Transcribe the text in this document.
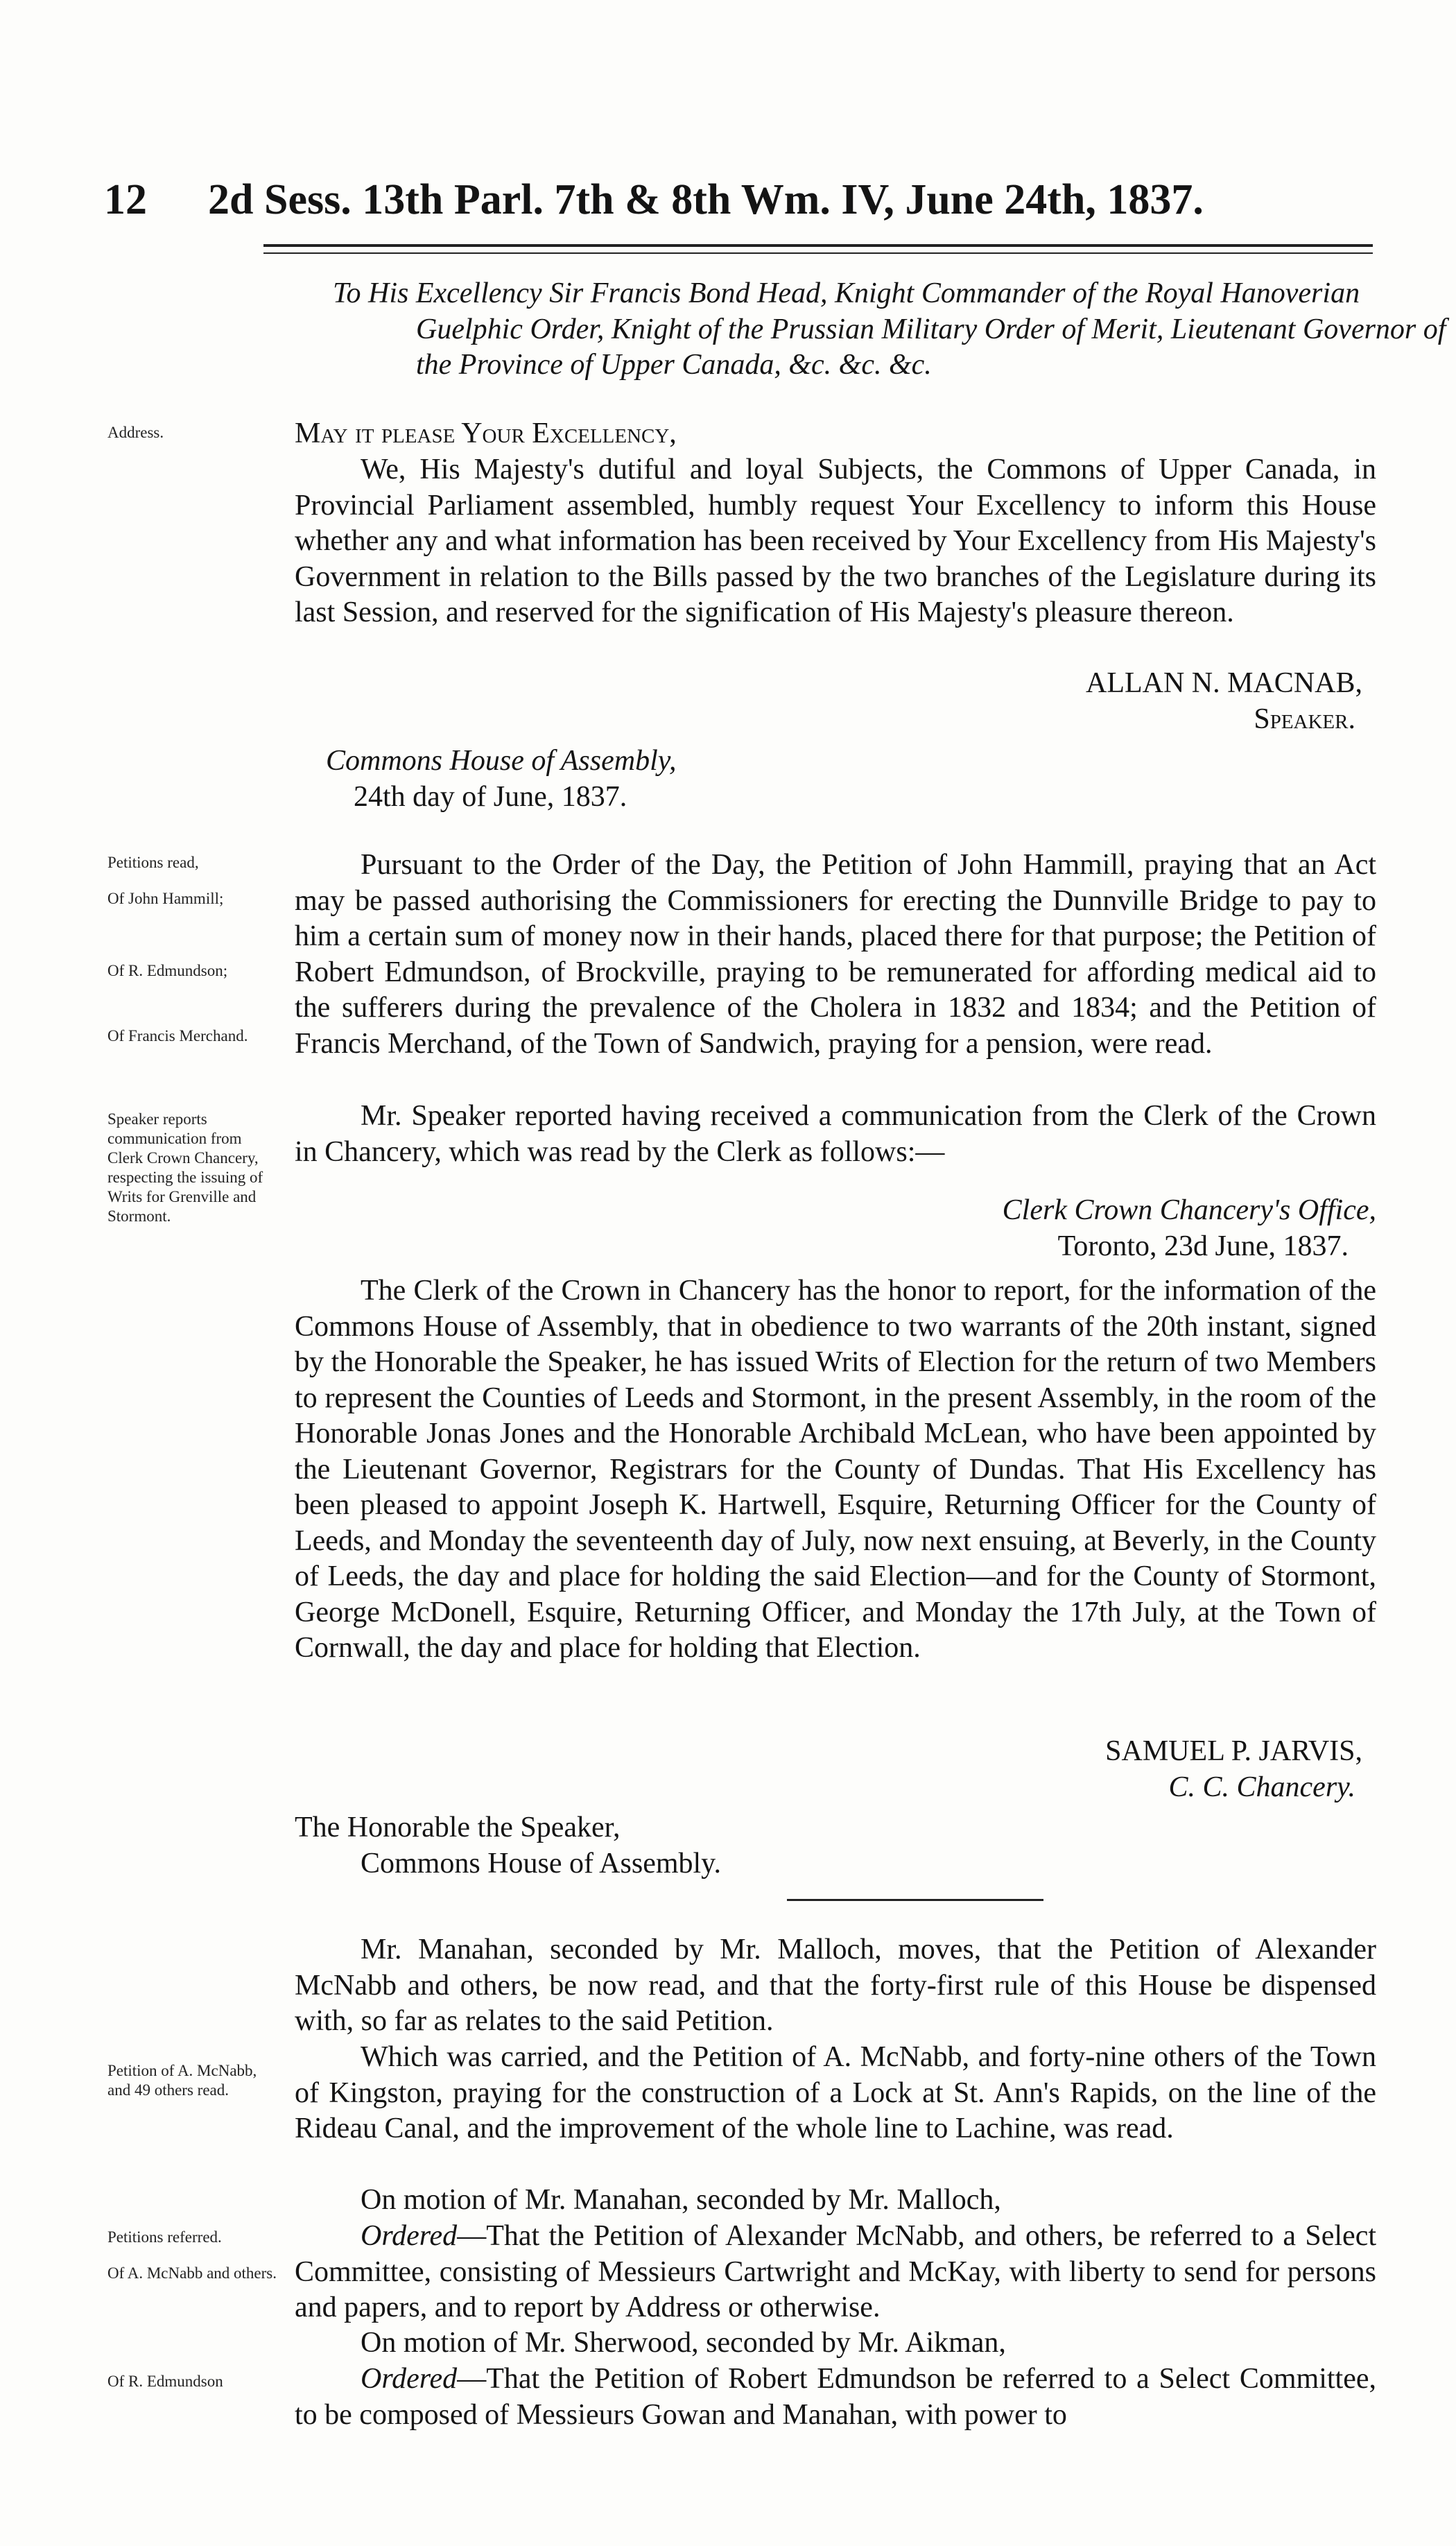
12 2d Sess. 13th Parl. 7th & 8th Wm. IV, June 24th, 1837.
To His Excellency Sir Francis Bond Head, Knight Commander of the Royal Hanoverian Guelphic Order, Knight of the Prussian Military Order of Merit, Lieutenant Governor of the Province of Upper Canada, &c. &c. &c.
Address.	May it please Your Excellency,
We, His Majesty's dutiful and loyal Subjects, the Commons of Upper Canada, in Provincial Parliament assembled, humbly request Your Excellency to inform this House whether any and what information has been received by Your Excellency from His Majesty's Government in relation to the Bills passed by the two branches of the Legislature during its last Session, and reserved for the signification of His Majesty's pleasure thereon.
ALLAN N. MACNAB,
Speaker.
Commons House of Assembly,
24th day of June, 1837.
Petitions read,
Of John Hammill;
Of R. Edmundson;
Of Francis Merchand.
Pursuant to the Order of the Day, the Petition of John Hammill, praying that an Act may be passed authorising the Commissioners for erecting the Dunnville Bridge to pay to him a certain sum of money now in their hands, placed there for that purpose; the Petition of Robert Edmundson, of Brockville, praying to be remunerated for affording medical aid to the sufferers during the prevalence of the Cholera in 1832 and 1834; and the Petition of Francis Merchand, of the Town of Sandwich, praying for a pension, were read.
Speaker reports communication from Clerk Crown Chancery, respecting the issuing of Writs for Grenville and Stormont.
Mr. Speaker reported having received a communication from the Clerk of the Crown in Chancery, which was read by the Clerk as follows:—
Clerk Crown Chancery's Office,
Toronto, 23d June, 1837.
The Clerk of the Crown in Chancery has the honor to report, for the information of the Commons House of Assembly, that in obedience to two warrants of the 20th instant, signed by the Honorable the Speaker, he has issued Writs of Election for the return of two Members to represent the Counties of Leeds and Stormont, in the present Assembly, in the room of the Honorable Jonas Jones and the Honorable Archibald McLean, who have been appointed by the Lieutenant Governor, Registrars for the County of Dundas. That His Excellency has been pleased to appoint Joseph K. Hartwell, Esquire, Returning Officer for the County of Leeds, and Monday the seventeenth day of July, now next ensuing, at Beverly, in the County of Leeds, the day and place for holding the said Election—and for the County of Stormont, George McDonell, Esquire, Returning Officer, and Monday the 17th July, at the Town of Cornwall, the day and place for holding that Election.
SAMUEL P. JARVIS,
C. C. Chancery.
The Honorable the Speaker,
Commons House of Assembly.
Mr. Manahan, seconded by Mr. Malloch, moves, that the Petition of Alexander McNabb and others, be now read, and that the forty-first rule of this House be dispensed with, so far as relates to the said Petition.
Petition of A. McNabb, and 49 others read.
Which was carried, and the Petition of A. McNabb, and forty-nine others of the Town of Kingston, praying for the construction of a Lock at St. Ann's Rapids, on the line of the Rideau Canal, and the improvement of the whole line to Lachine, was read.
On motion of Mr. Manahan, seconded by Mr. Malloch,
Petitions referred.
Of A. McNabb and others.
Ordered—That the Petition of Alexander McNabb, and others, be referred to a Select Committee, consisting of Messieurs Cartwright and McKay, with liberty to send for persons and papers, and to report by Address or otherwise.
On motion of Mr. Sherwood, seconded by Mr. Aikman,
Of R. Edmundson	Ordered—That the Petition of Robert Edmundson be referred to a Select Committee, to be composed of Messieurs Gowan and Manahan, with power to
